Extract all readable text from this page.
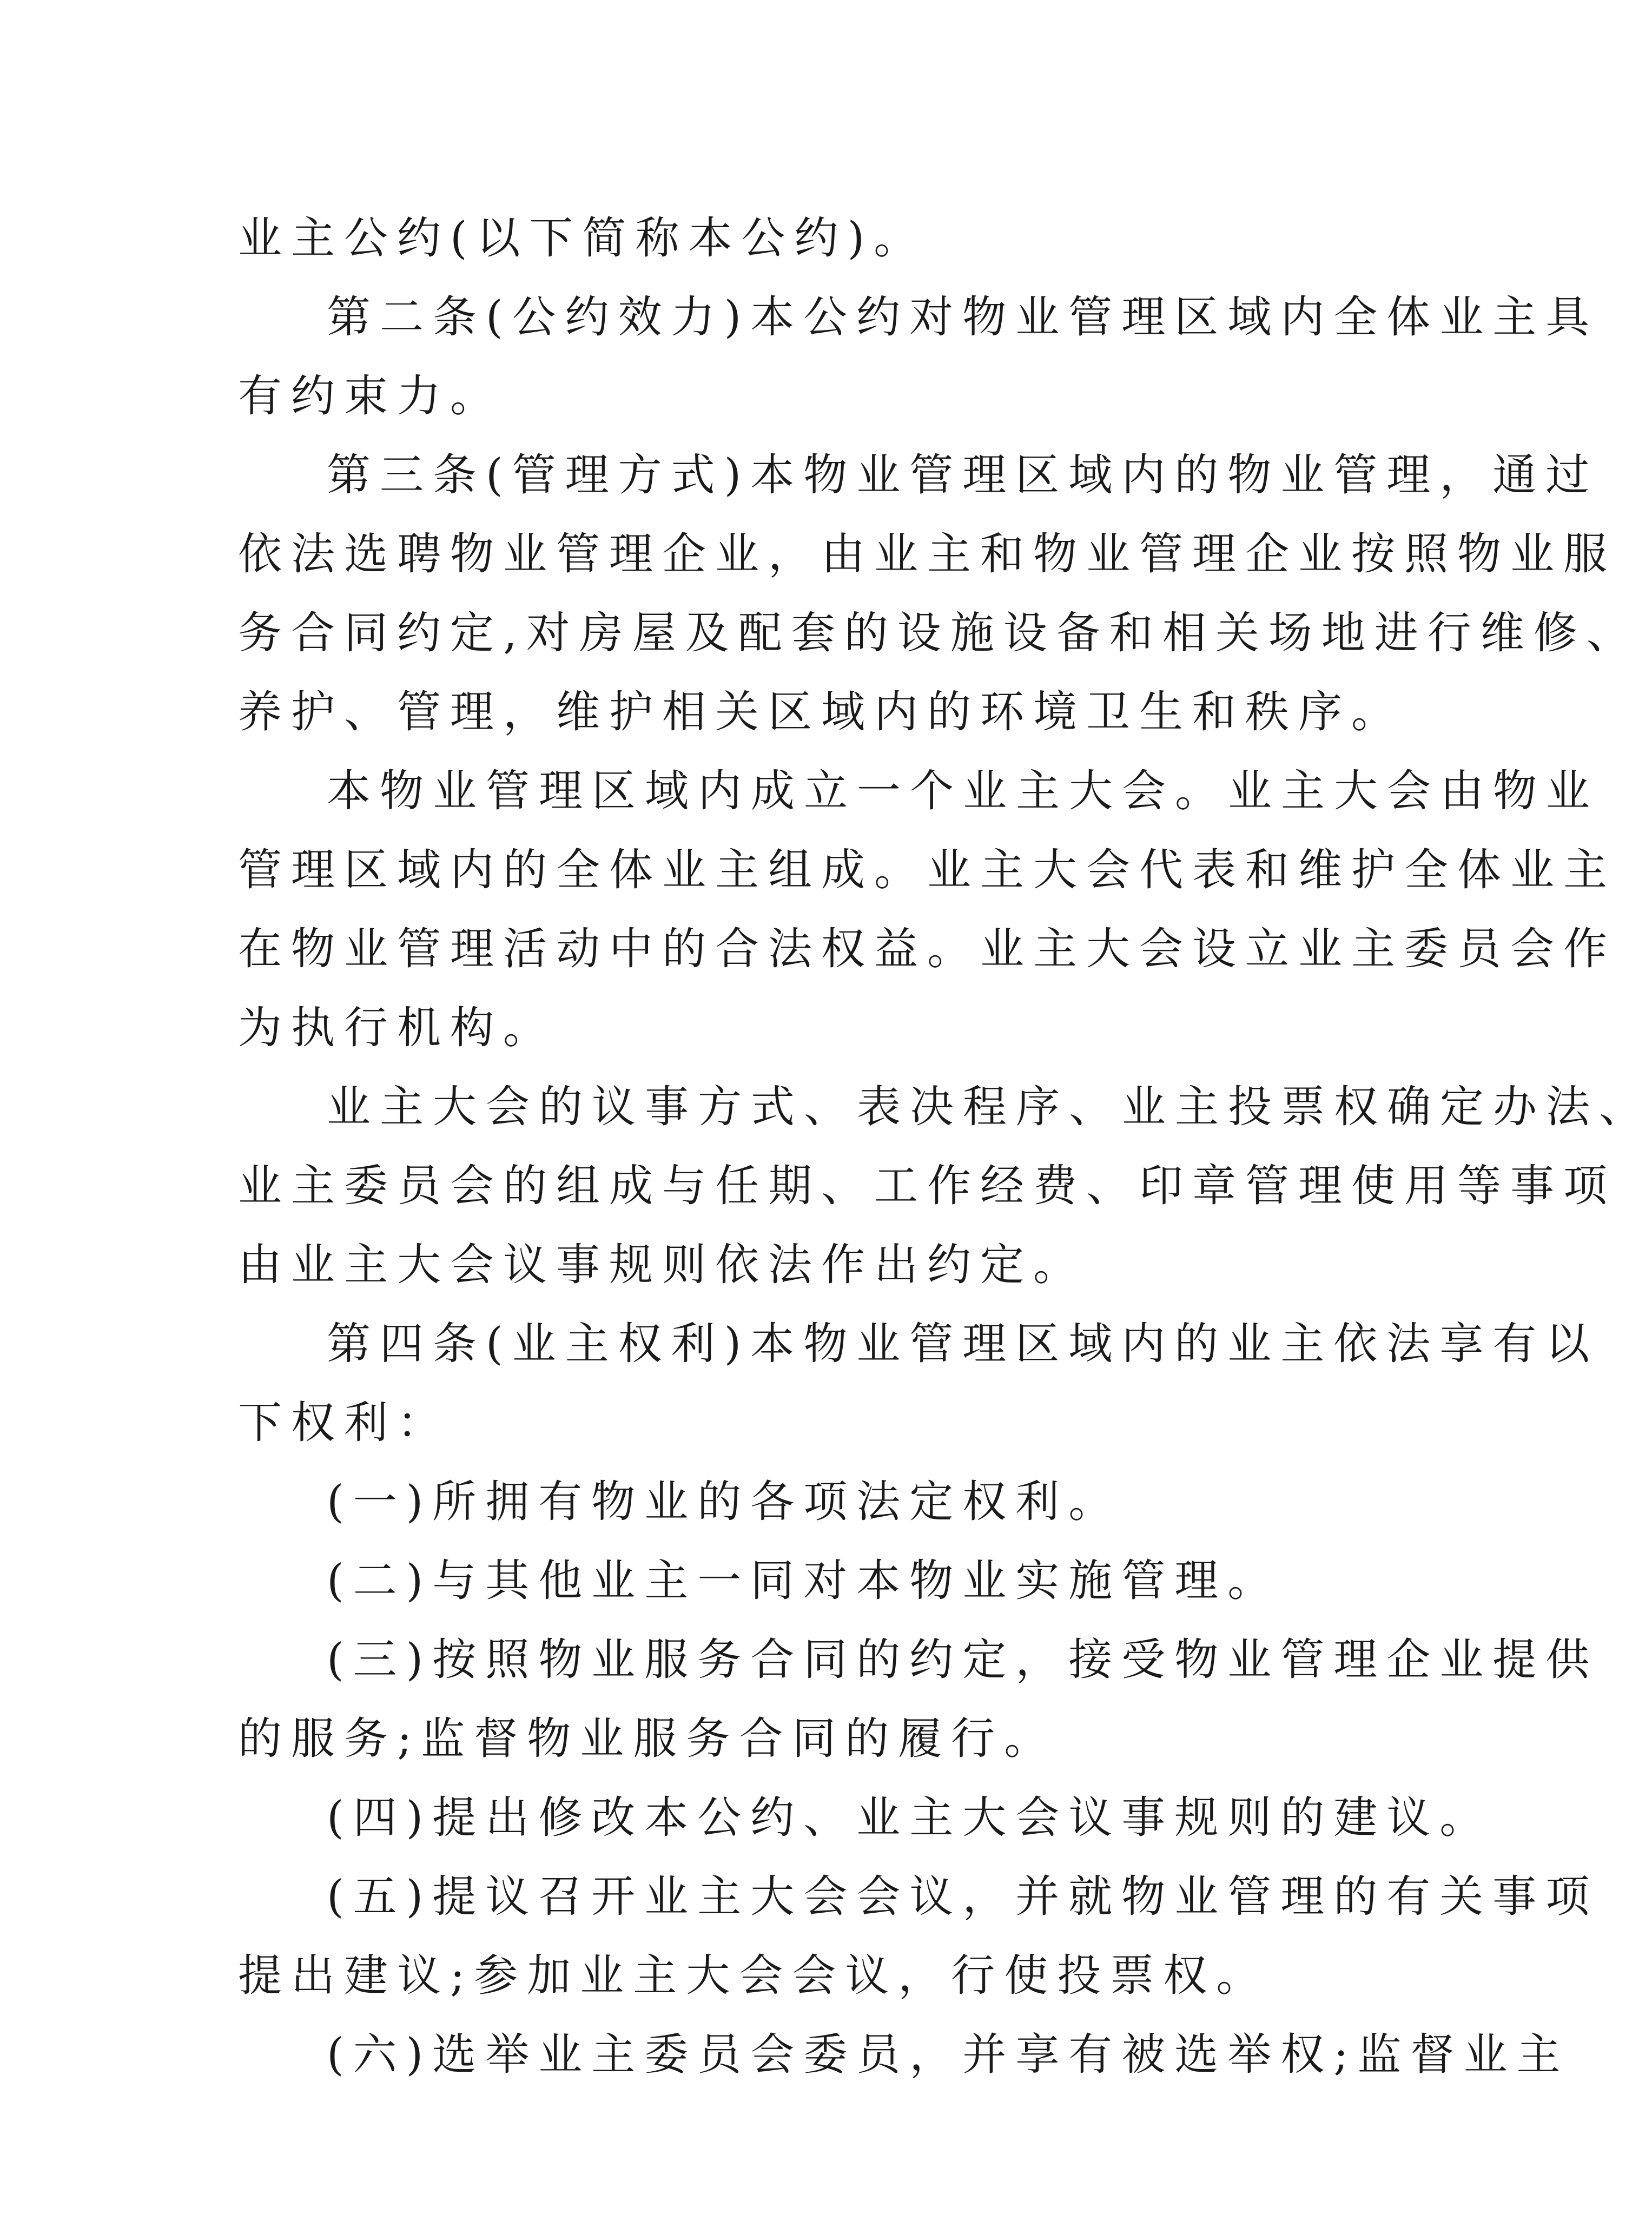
业主公约(以下简称本公约)。
第二条(公约效力)本公约对物业管理区域内全体业主具
有约束力。
第三条(管理方式)本物业管理区域内的物业管理，通过
依法选聘物业管理企业，由业主和物业管理企业按照物业服
务合同约定,对房屋及配套的设施设备和相关场地进行维修、
养护、管理，维护相关区域内的环境卫生和秩序。
本物业管理区域内成立一个业主大会。业主大会由物业
管理区域内的全体业主组成。业主大会代表和维护全体业主
在物业管理活动中的合法权益。业主大会设立业主委员会作
为执行机构。
业主大会的议事方式、表决程序、业主投票权确定办法、
业主委员会的组成与任期、工作经费、印章管理使用等事项
由业主大会议事规则依法作出约定。
第四条(业主权利)本物业管理区域内的业主依法享有以
下权利：
(一)所拥有物业的各项法定权利。
(二)与其他业主一同对本物业实施管理。
(三)按照物业服务合同的约定，接受物业管理企业提供
的服务;监督物业服务合同的履行。
(四)提出修改本公约、业主大会议事规则的建议。
(五)提议召开业主大会会议，并就物业管理的有关事项
提出建议;参加业主大会会议，行使投票权。
(六)选举业主委员会委员，并享有被选举权;监督业主
